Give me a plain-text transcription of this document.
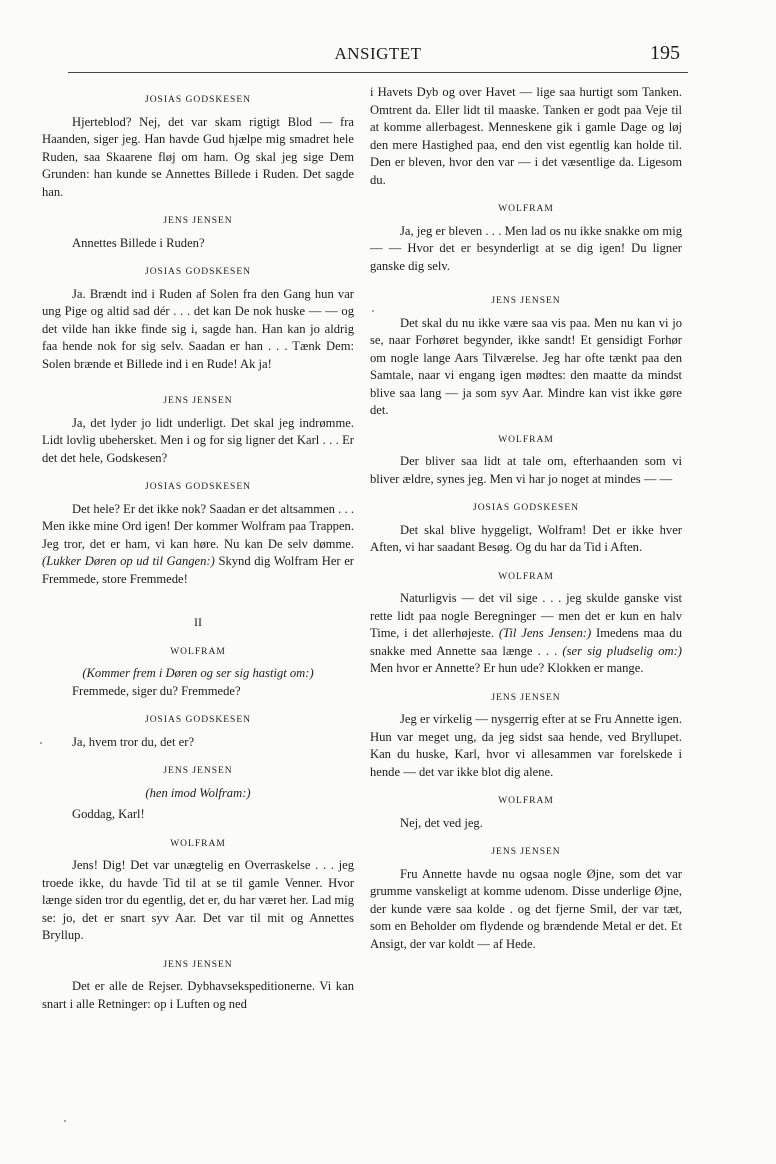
ANSIGTET	195
JOSIAS GODSKESEN

Hjerteblod? Nej, det var skam rigtigt Blod — fra Haanden, siger jeg. Han havde Gud hjælpe mig smadret hele Ruden, saa Skaarene fløj om ham. Og skal jeg sige Dem Grunden: han kunde se Annettes Billede i Ruden. Det sagde han.

JENS JENSEN

Annettes Billede i Ruden?

JOSIAS GODSKESEN

Ja. Brændt ind i Ruden af Solen fra den Gang hun var ung Pige og altid sad dér . . . det kan De nok huske — — og det vilde han ikke finde sig i, sagde han. Han kan jo aldrig faa hende nok for sig selv. Saadan er han . . . Tænk Dem: Solen brænde et Billede ind i en Rude! Ak ja!

JENS JENSEN

Ja, det lyder jo lidt underligt. Det skal jeg indrømme. Lidt lovlig ubehersket. Men i og for sig ligner det Karl . . . Er det det hele, Godskesen?

JOSIAS GODSKESEN

Det hele? Er det ikke nok? Saadan er det altsammen . . . Men ikke mine Ord igen! Der kommer Wolfram paa Trappen. Jeg tror, det er ham, vi kan høre. Nu kan De selv dømme. (Lukker Døren op ud til Gangen:) Skynd dig Wolfram Her er Fremmede, store Fremmede!

II
WOLFRAM

(Kommer frem i Døren og ser sig hastigt om:)

Fremmede, siger du? Fremmede?

JOSIAS GODSKESEN

Ja, hvem tror du, det er?

JENS JENSEN

(hen imod Wolfram:)

Goddag, Karl!

WOLFRAM

Jens! Dig! Det var unægtelig en Overraskelse . . . jeg troede ikke, du havde Tid til at se til gamle Venner. Hvor længe siden tror du egentlig, det er, du har været her. Lad mig se: jo, det er snart syv Aar. Det var til mit og Annettes Bryllup.

JENS JENSEN

Det er alle de Rejser. Dybhavsekspeditionerne. Vi kan snart i alle Retninger: op i Luften og ned

i Havets Dyb og over Havet — lige saa hurtigt som Tanken. Omtrent da. Eller lidt til maaske. Tanken er godt paa Veje til at komme allerbagest. Menneskene gik i gamle Dage og løj den mere Hastighed paa, end den vist egentlig kan holde til. Den er bleven, hvor den var — i det væsentlige da. Ligesom du.

WOLFRAM

Ja, jeg er bleven . . . Men lad os nu ikke snakke om mig — — Hvor det er besynderligt at se dig igen! Du ligner ganske dig selv.

JENS JENSEN

Det skal du nu ikke være saa vis paa. Men nu kan vi jo se, naar Forhøret begynder, ikke sandt! Et gensidigt Forhør om nogle lange Aars Tilværelse. Jeg har ofte tænkt paa den Samtale, naar vi engang igen mødtes: den maatte da mindst blive saa lang — ja som syv Aar. Mindre kan vist ikke gøre det.

WOLFRAM

Der bliver saa lidt at tale om, efterhaanden som vi bliver ældre, synes jeg. Men vi har jo noget at mindes — —

JOSIAS GODSKESEN

Det skal blive hyggeligt, Wolfram! Det er ikke hver Aften, vi har saadant Besøg. Og du har da Tid i Aften.

WOLFRAM

Naturligvis — det vil sige . . . jeg skulde ganske vist rette lidt paa nogle Beregninger — men det er kun en halv Time, i det allerhøjeste. (Til Jens Jensen:) Imedens maa du snakke med Annette saa længe . . . (ser sig pludselig om:) Men hvor er Annette? Er hun ude? Klokken er mange.

JENS JENSEN

Jeg er virkelig — nysgerrig efter at se Fru Annette igen. Hun var meget ung, da jeg sidst saa hende, ved Bryllupet. Kan du huske, Karl, hvor vi allesammen var forelskede i hende — det var ikke blot dig alene.

WOLFRAM

Nej, det ved jeg.

JENS JENSEN

Fru Annette havde nu ogsaa nogle Øjne, som det var grumme vanskeligt at komme udenom. Disse underlige Øjne, der kunde være saa kolde . og det fjerne Smil, der var tæt, som en Beholder om flydende og brændende Metal er det. Et Ansigt, der var koldt — af Hede.
